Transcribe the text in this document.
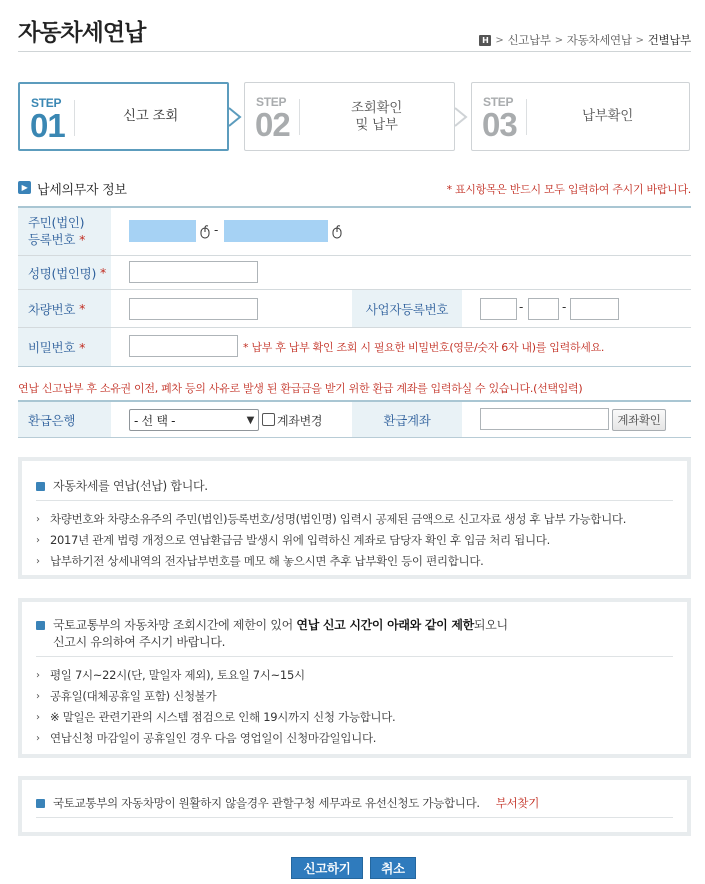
자동차세연납	H > 신고납부 > 자동차세연납 > 건별납부
STEP
01	신고 조회
STEP
02	조회확인
및 납부
STEP
03	납부확인
▶ 납세의무자 정보	* 표시항목은 반드시 모두 입력하여 주시기 바랍니다.
주민(법인)
등록번호 *
-
성명(법인명) *
차량번호 *	사업자등록번호	-	-
비밀번호 *	* 납부 후 납부 확인 조회 시 필요한 비밀번호(영문/숫자 6자 내)를 입력하세요.
연납 신고납부 후 소유권 이전, 폐차 등의 사유로 발생 된 환급금을 받기 위한 환급 계좌를 입력하실 수 있습니다.(선택입력)
환급은행	- 선 택 -	▼ 계좌변경	환급계좌	계좌확인
자동차세를 연납(선납) 합니다.
› 차량번호와 차량소유주의 주민(법인)등록번호/성명(법인명) 입력시 공제된 금액으로 신고자료 생성 후 납부 가능합니다.
› 2017년 관계 법령 개정으로 연납환급금 발생시 위에 입력하신 계좌로 담당자 확인 후 입금 처리 됩니다.
› 납부하기전 상세내역의 전자납부번호를 메모 해 놓으시면 추후 납부확인 등이 편리합니다.
국토교통부의 자동차망 조회시간에 제한이 있어 연납 신고 시간이 아래와 같이 제한되오니
신고시 유의하여 주시기 바랍니다.
› 평일 7시~22시(단, 말일자 제외), 토요일 7시~15시
› 공휴일(대체공휴일 포함) 신청불가
› ※ 말일은 관련기관의 시스템 점검으로 인해 19시까지 신청 가능합니다.
› 연납신청 마감일이 공휴일인 경우 다음 영업일이 신청마감일입니다.
국토교통부의 자동차망이 원활하지 않을경우 관할구청 세무과로 유선신청도 가능합니다. 부서찾기
신고하기	취소
